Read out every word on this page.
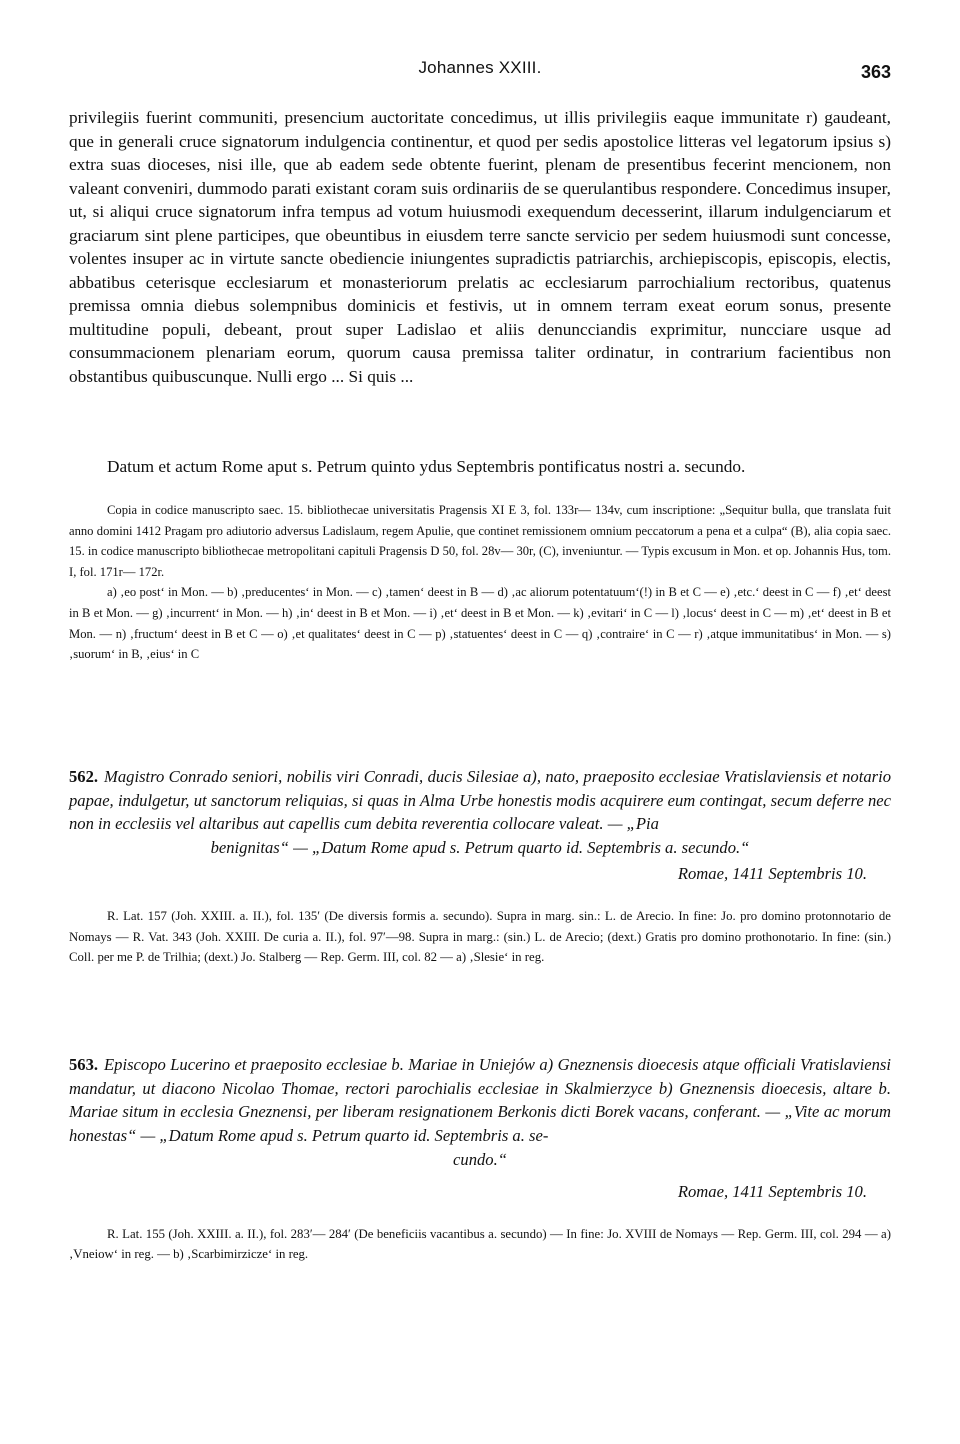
Johannes XXIII.	363

privilegiis fuerint communiti, presencium auctoritate concedimus, ut illis privilegiis eaque immunitate r) gaudeant, que in generali cruce signatorum indulgencia continentur, et quod per sedis apostolice litteras vel legatorum ipsius s) extra suas dioceses, nisi ille, que ab eadem sede obtente fuerint, plenam de presentibus fecerint mencionem, non valeant conveniri, dummodo parati existant coram suis ordinariis de se querulantibus respondere. Concedimus insuper, ut, si aliqui cruce signatorum infra tempus ad votum huiusmodi exequendum decesserint, illarum indulgenciarum et graciarum sint plene participes, que obeuntibus in eiusdem terre sancte servicio per sedem huiusmodi sunt concesse, volentes insuper ac in virtute sancte obediencie iniungentes supradictis patriarchis, archiepiscopis, episcopis, electis, abbatibus ceterisque ecclesiarum et monasteriorum prelatis ac ecclesiarum parrochialium rectoribus, quatenus premissa omnia diebus solempnibus dominicis et festivis, ut in omnem terram exeat eorum sonus, presente multitudine populi, debeant, prout super Ladislao et aliis denuncciandis exprimitur, nuncciare usque ad consummacionem plenariam eorum, quorum causa premissa taliter ordinatur, in contrarium facientibus non obstantibus quibuscunque. Nulli ergo ... Si quis ...

Datum et actum Rome aput s. Petrum quinto ydus Septembris pontificatus nostri a. secundo.

Copia in codice manuscripto saec. 15. bibliothecae universitatis Pragensis XI E 3, fol. 133r— 134v, cum inscriptione: „Sequitur bulla, que translata fuit anno domini 1412 Pragam pro adiutorio adversus Ladislaum, regem Apulie, que continet remissionem omnium peccatorum a pena et a culpa“ (B), alia copia saec. 15. in codice manuscripto bibliothecae metropolitani capituli Pragensis D 50, fol. 28v— 30r, (C), inveniuntur. — Typis excusum in Mon. et op. Johannis Hus, tom. I, fol. 171r— 172r.

a) ‚eo post‘ in Mon. — b) ‚preducentes‘ in Mon. — c) ‚tamen‘ deest in B — d) ‚ac aliorum potentatuum‘(!) in B et C — e) ‚etc.‘ deest in C — f) ‚et‘ deest in B et Mon. — g) ‚incurrent‘ in Mon. — h) ‚in‘ deest in B et Mon. — i) ‚et‘ deest in B et Mon. — k) ‚evitari‘ in C — l) ‚locus‘ deest in C — m) ‚et‘ deest in B et Mon. — n) ‚fructum‘ deest in B et C — o) ‚et qualitates‘ deest in C — p) ‚statuentes‘ deest in C — q) ‚contraire‘ in C — r) ‚atque immunitatibus‘ in Mon. — s) ‚suorum‘ in B, ‚eius‘ in C

562. Magistro Conrado seniori, nobilis viri Conradi, ducis Silesiae a), nato, praeposito ecclesiae Vratislaviensis et notario papae, indulgetur, ut sanctorum reliquias, si quas in Alma Urbe honestis modis acquirere eum contingat, secum deferre nec non in ecclesiis vel altaribus aut capellis cum debita reverentia collocare valeat. — „Pia
benignitas“ — „Datum Rome apud s. Petrum quarto id. Septembris a. secundo.“

Romae, 1411 Septembris 10.

R. Lat. 157 (Joh. XXIII. a. II.), fol. 135′ (De diversis formis a. secundo). Supra in marg. sin.: L. de Arecio. In fine: Jo. pro domino protonnotario de Nomays — R. Vat. 343 (Joh. XXIII. De curia a. II.), fol. 97′—98. Supra in marg.: (sin.) L. de Arecio; (dext.) Gratis pro domino prothonotario. In fine: (sin.) Coll. per me P. de Trilhia; (dext.) Jo. Stalberg — Rep. Germ. III, col. 82 — a) ‚Slesie‘ in reg.

563. Episcopo Lucerino et praeposito ecclesiae b. Mariae in Uniejów a) Gneznensis dioecesis atque officiali Vratislaviensi mandatur, ut diacono Nicolao Thomae, rectori parochialis ecclesiae in Skalmierzyce b) Gneznensis dioecesis, altare b. Mariae situm in ecclesia Gneznensi, per liberam resignationem Berkonis dicti Borek vacans, conferant. — „Vite ac morum honestas“ — „Datum Rome apud s. Petrum quarto id. Septembris a. se-
cundo.“

Romae, 1411 Septembris 10.

R. Lat. 155 (Joh. XXIII. a. II.), fol. 283′— 284′ (De beneficiis vacantibus a. secundo) — In fine: Jo. XVIII de Nomays — Rep. Germ. III, col. 294 — a) ‚Vneiow‘ in reg. — b) ‚Scarbimirzicze‘ in reg.
